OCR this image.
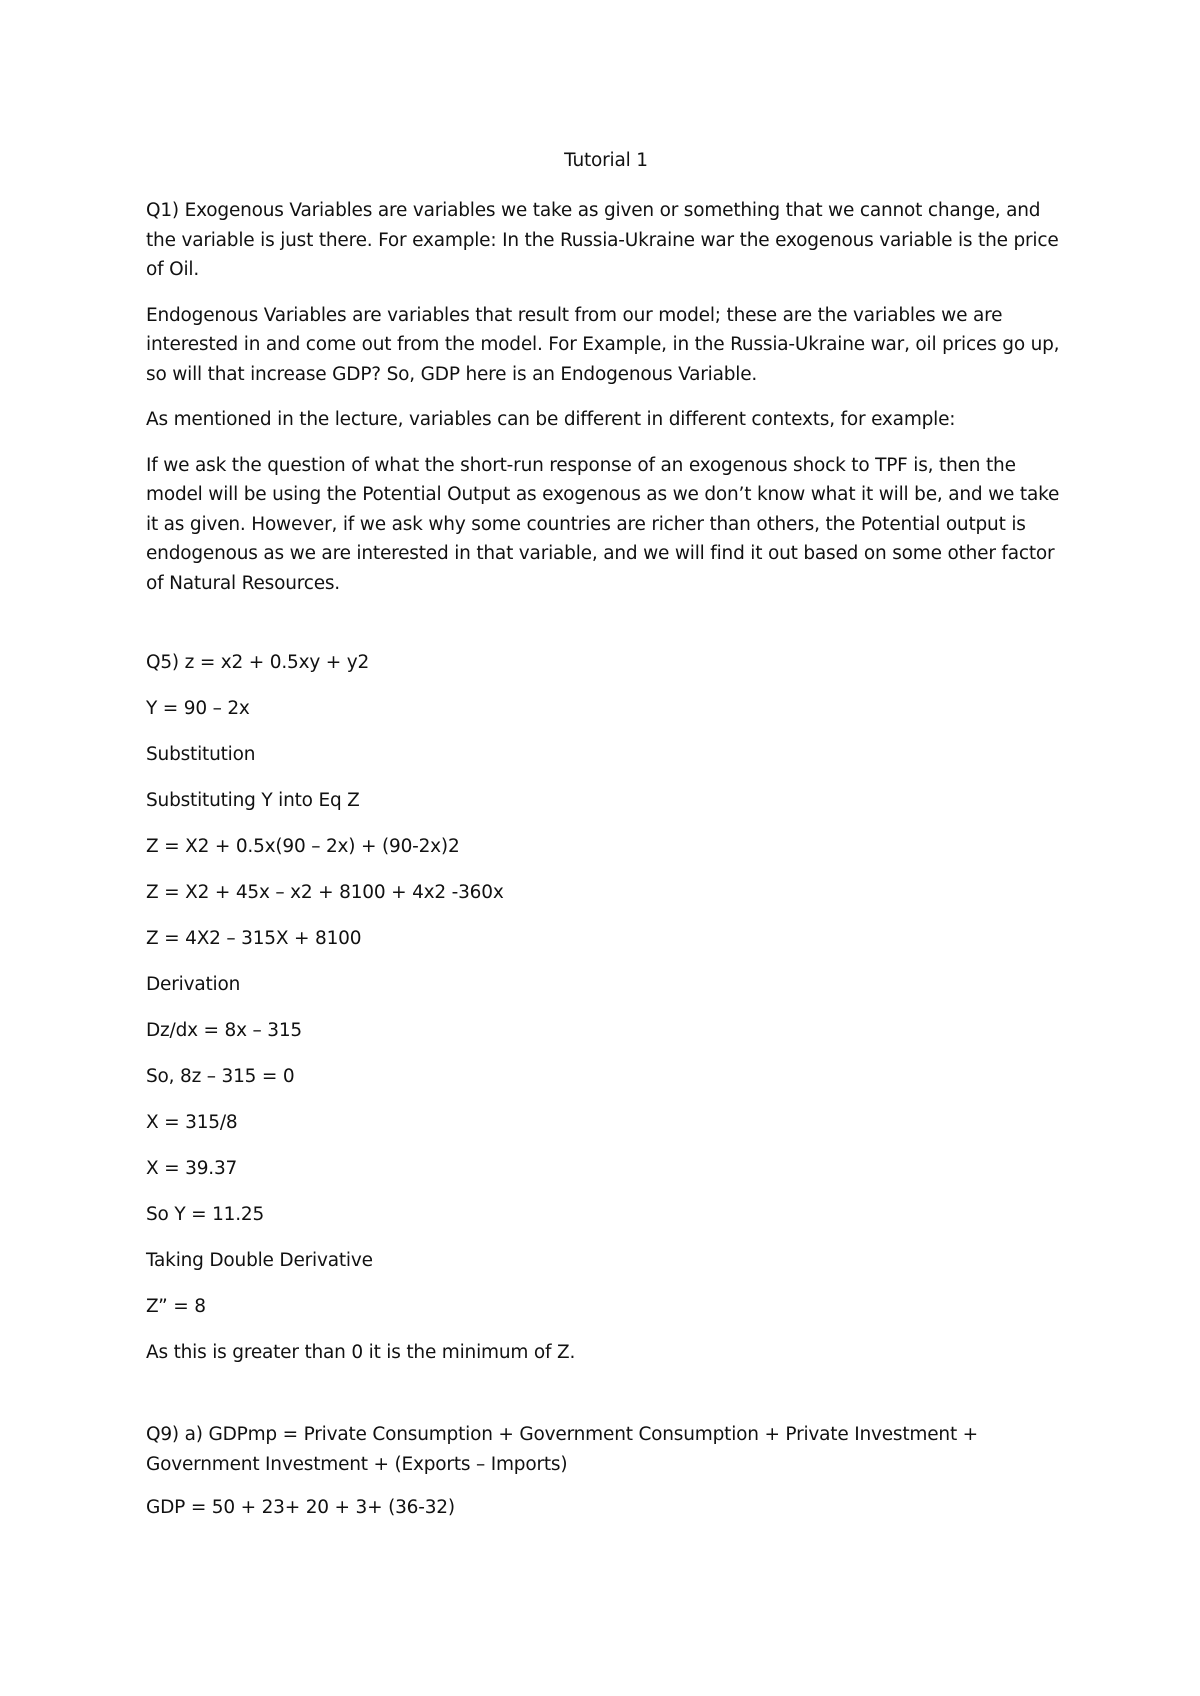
Tutorial 1

Q1) Exogenous Variables are variables we take as given or something that we cannot change, and the variable is just there. For example: In the Russia-Ukraine war the exogenous variable is the price of Oil.

Endogenous Variables are variables that result from our model; these are the variables we are interested in and come out from the model. For Example, in the Russia-Ukraine war, oil prices go up, so will that increase GDP? So, GDP here is an Endogenous Variable.

As mentioned in the lecture, variables can be different in different contexts, for example:

If we ask the question of what the short-run response of an exogenous shock to TPF is, then the model will be using the Potential Output as exogenous as we don’t know what it will be, and we take it as given. However, if we ask why some countries are richer than others, the Potential output is endogenous as we are interested in that variable, and we will find it out based on some other factor of Natural Resources.

Q5) z = x2 + 0.5xy + y2

Y = 90 – 2x

Substitution

Substituting Y into Eq Z

Z = X2 + 0.5x(90 – 2x) + (90-2x)2

Z = X2 + 45x – x2 + 8100 + 4x2 -360x

Z = 4X2 – 315X + 8100

Derivation

Dz/dx = 8x – 315

So, 8z – 315 = 0

X = 315/8

X = 39.37

So Y = 11.25

Taking Double Derivative

Z” = 8

As this is greater than 0 it is the minimum of Z.

Q9) a) GDPmp = Private Consumption + Government Consumption + Private Investment + Government Investment + (Exports – Imports)

GDP = 50 + 23+ 20 + 3+ (36-32)
